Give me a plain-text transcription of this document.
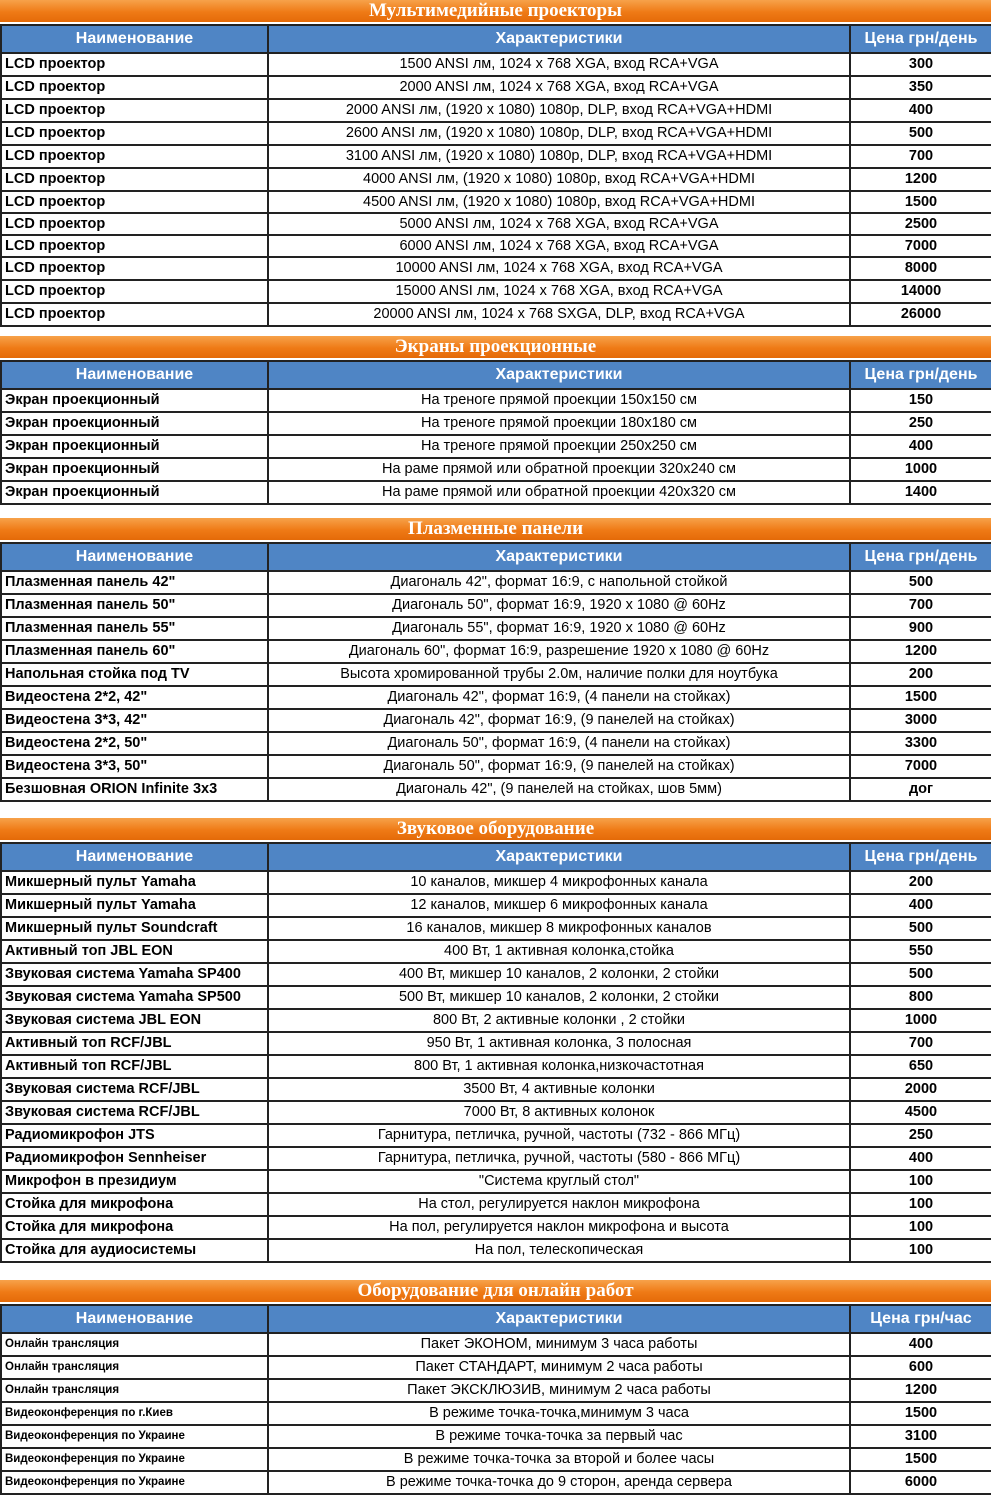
Мультимедийные проекторы
Наименование	Характеристики	Цена грн/день
LCD проектор	1500 ANSI лм, 1024 x 768 XGA, вход RCA+VGA	300
LCD проектор	2000 ANSI лм, 1024 x 768 XGA, вход RCA+VGA	350
LCD проектор	2000 ANSI лм, (1920 x 1080) 1080p, DLP, вход RCA+VGA+HDMI	400
LCD проектор	2600 ANSI лм, (1920 x 1080) 1080p, DLP, вход RCA+VGA+HDMI	500
LCD проектор	3100 ANSI лм, (1920 x 1080) 1080p, DLP, вход RCA+VGA+HDMI	700
LCD проектор	4000 ANSI лм, (1920 x 1080) 1080p, вход RCA+VGA+HDMI	1200
LCD проектор	4500 ANSI лм, (1920 x 1080) 1080p, вход RCA+VGA+HDMI	1500
LCD проектор	5000 ANSI лм, 1024 x 768 XGA, вход RCA+VGA	2500
LCD проектор	6000 ANSI лм, 1024 x 768 XGA, вход RCA+VGA	7000
LCD проектор	10000 ANSI лм, 1024 x 768 XGA, вход RCA+VGA	8000
LCD проектор	15000 ANSI лм, 1024 x 768 XGA, вход RCA+VGA	14000
LCD проектор	20000 ANSI лм, 1024 x 768 SXGA, DLP, вход RCA+VGA	26000
Экраны проекционные
Наименование	Характеристики	Цена грн/день
Экран проекционный	На треноге прямой проекции 150x150 см	150
Экран проекционный	На треноге прямой проекции 180x180 см	250
Экран проекционный	На треноге прямой проекции 250x250 см	400
Экран проекционный	На раме прямой или обратной проекции 320x240 см	1000
Экран проекционный	На раме прямой или обратной проекции 420x320 см	1400
Плазменные панели
Наименование	Характеристики	Цена грн/день
Плазменная панель 42"	Диагональ 42", формат 16:9, с напольной стойкой	500
Плазменная панель 50"	Диагональ 50", формат 16:9, 1920 x 1080 @ 60Hz	700
Плазменная панель 55"	Диагональ 55", формат 16:9, 1920 x 1080 @ 60Hz	900
Плазменная панель 60"	Диагональ 60", формат 16:9, разрешение 1920 x 1080 @ 60Hz	1200
Напольная стойка под TV	Высота хромированной трубы 2.0м, наличие полки для ноутбука	200
Видеостена 2*2, 42"	Диагональ 42", формат 16:9, (4 панели на стойках)	1500
Видеостена 3*3, 42"	Диагональ 42", формат 16:9, (9 панелей на стойках)	3000
Видеостена 2*2, 50"	Диагональ 50", формат 16:9, (4 панели на стойках)	3300
Видеостена 3*3, 50"	Диагональ 50", формат 16:9, (9 панелей на стойках)	7000
Безшовная ORION Infinite 3x3	Диагональ 42", (9 панелей на стойках, шов 5мм)	дог
Звуковое оборудование
Наименование	Характеристики	Цена грн/день
Микшерный пульт Yamaha	10 каналов, микшер 4 микрофонных канала	200
Микшерный пульт Yamaha	12 каналов, микшер 6 микрофонных канала	400
Микшерный пульт Soundcraft	16 каналов, микшер 8 микрофонных каналов	500
Активный топ JBL EON	400 Вт, 1 активная колонка,стойка	550
Звуковая система Yamaha SP400	400 Вт, микшер 10 каналов, 2 колонки, 2 стойки	500
Звуковая система Yamaha SP500	500 Вт, микшер 10 каналов, 2 колонки, 2 стойки	800
Звуковая система JBL EON	800 Вт, 2 активные колонки , 2 стойки	1000
Активный топ RCF/JBL	950 Вт, 1 активная колонка, 3 полосная	700
Активный топ RCF/JBL	800 Вт, 1 активная колонка,низкочастотная	650
Звуковая система RCF/JBL	3500 Вт, 4 активные колонки	2000
Звуковая система RCF/JBL	7000 Вт, 8 активных колонок	4500
Радиомикрофон JTS	Гарнитура, петличка, ручной, частоты (732 - 866 МГц)	250
Радиомикрофон Sennheiser	Гарнитура, петличка, ручной, частоты (580 - 866 МГц)	400
Микрофон в президиум	"Система круглый стол"	100
Стойка для микрофона	На стол, регулируется наклон микрофона	100
Стойка для микрофона	На пол, регулируется наклон микрофона и высота	100
Стойка для аудиосистемы	На пол, телескопическая	100
Оборудование для онлайн работ
Наименование	Характеристики	Цена грн/час
Онлайн трансляция	Пакет ЭКОНОМ, минимум 3 часа работы	400
Онлайн трансляция	Пакет СТАНДАРТ, минимум 2 часа работы	600
Онлайн трансляция	Пакет ЭКСКЛЮЗИВ, минимум 2 часа работы	1200
Видеоконференция по г.Киев	В режиме точка-точка,минимум 3 часа	1500
Видеоконференция по Украине	В режиме точка-точка за первый час	3100
Видеоконференция по Украине	В режиме точка-точка за второй и более часы	1500
Видеоконференция по Украине	В режиме точка-точка до 9 сторон, аренда сервера	6000
